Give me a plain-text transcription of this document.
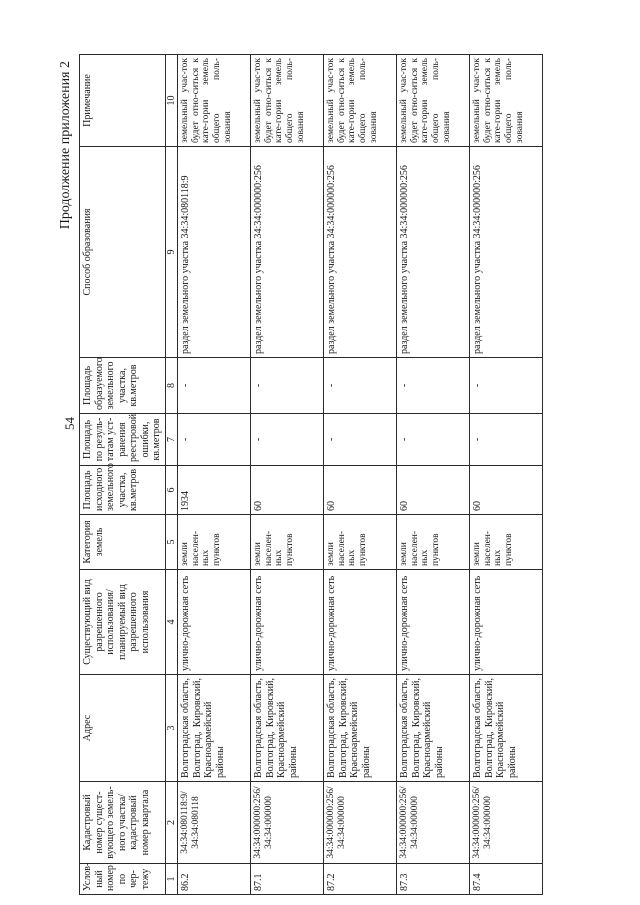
54
Продолжение приложения 2
Услов-ный номер по чер-тежу	Кадастровый номер сущест-вующего земель-ного участка/ кадастровый номер квартала	Адрес	Существующий вид разрешенного использования/ планируемый вид разрешенного использования	Категория земель	Площадь исходного земельного участка, кв.метров	Площадь по резуль-татам уст-ранения реестровой ошибки, кв.метров	Площадь образуемого земельного участка, кв.метров	Способ образования	Примечание
1	2	3	4	5	6	7	8	9	10
86.2	34:34:080118:9/ 34:34:080118	Волгоградская область, Волгоград, Кировский, Красноармейский районы	улично-дорожная сеть	земли населен-ных пунктов	1934	-	-	раздел земельного участка 34:34:080118:9	земельный учас-ток будет отно-ситься к кате-гории земель общего поль-зования
87.1	34:34:000000:256/ 34:34:000000	Волгоградская область, Волгоград, Кировский, Красноармейский районы	улично-дорожная сеть	земли населен-ных пунктов	60	-	-	раздел земельного участка 34:34:000000:256	земельный учас-ток будет отно-ситься к кате-гории земель общего поль-зования
87.2	34:34:000000:256/ 34:34:000000	Волгоградская область, Волгоград, Кировский, Красноармейский районы	улично-дорожная сеть	земли населен-ных пунктов	60	-	-	раздел земельного участка 34:34:000000:256	земельный учас-ток будет отно-ситься к кате-гории земель общего поль-зования
87.3	34:34:000000:256/ 34:34:000000	Волгоградская область, Волгоград, Кировский, Красноармейский районы	улично-дорожная сеть	земли населен-ных пунктов	60	-	-	раздел земельного участка 34:34:000000:256	земельный учас-ток будет отно-ситься к кате-гории земель общего поль-зования
87.4	34:34:000000:256/ 34:34:000000	Волгоградская область, Волгоград, Кировский, Красноармейский районы	улично-дорожная сеть	земли населен-ных пунктов	60	-	-	раздел земельного участка 34:34:000000:256	земельный учас-ток будет отно-ситься к кате-гории земель общего поль-зования
